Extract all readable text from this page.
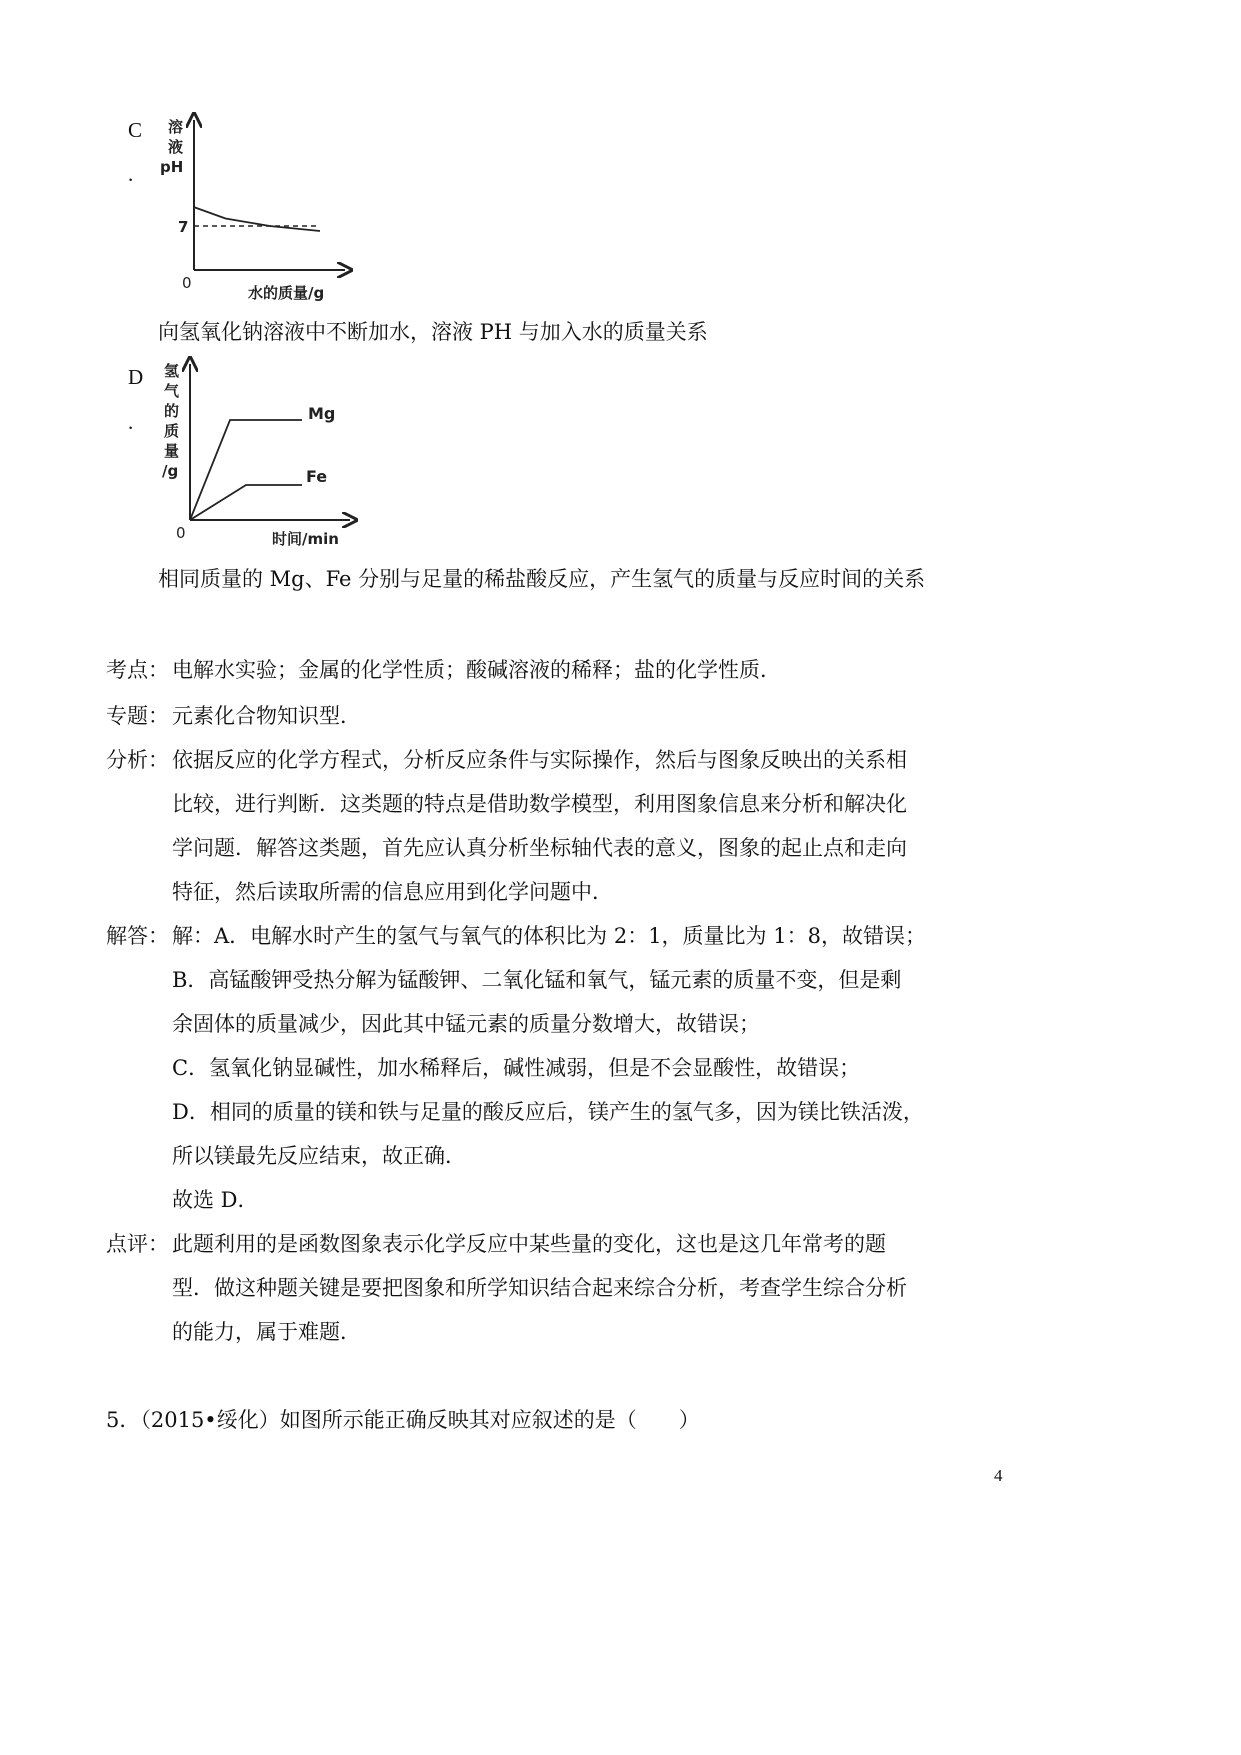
C
.
溶
液
pH
7
0
水的质量/g
向氢氧化钠溶液中不断加水，溶液 PH 与加入水的质量关系
D
.
氢
气
的
质
量
/g
Mg
Fe
0	时间/min
相同质量的 Mg、Fe 分别与足量的稀盐酸反应，产生氢气的质量与反应时间的关系
考点： 电解水实验；金属的化学性质；酸碱溶液的稀释；盐的化学性质．
专题： 元素化合物知识型．
分析： 依据反应的化学方程式，分析反应条件与实际操作，然后与图象反映出的关系相
比较，进行判断．这类题的特点是借助数学模型，利用图象信息来分析和解决化
学问题．解答这类题，首先应认真分析坐标轴代表的意义，图象的起止点和走向
特征，然后读取所需的信息应用到化学问题中．
解答： 解：A．电解水时产生的氢气与氧气的体积比为 2：1，质量比为 1：8，故错误；
B．高锰酸钾受热分解为锰酸钾、二氧化锰和氧气，锰元素的质量不变，但是剩
余固体的质量减少，因此其中锰元素的质量分数增大，故错误；
C．氢氧化钠显碱性，加水稀释后，碱性减弱，但是不会显酸性，故错误；
D．相同的质量的镁和铁与足量的酸反应后，镁产生的氢气多，因为镁比铁活泼，
所以镁最先反应结束，故正确．
故选 D．
点评： 此题利用的是函数图象表示化学反应中某些量的变化，这也是这几年常考的题
型．做这种题关键是要把图象和所学知识结合起来综合分析，考查学生综合分析
的能力，属于难题．
5．（2015•绥化）如图所示能正确反映其对应叙述的是（　　）
4
